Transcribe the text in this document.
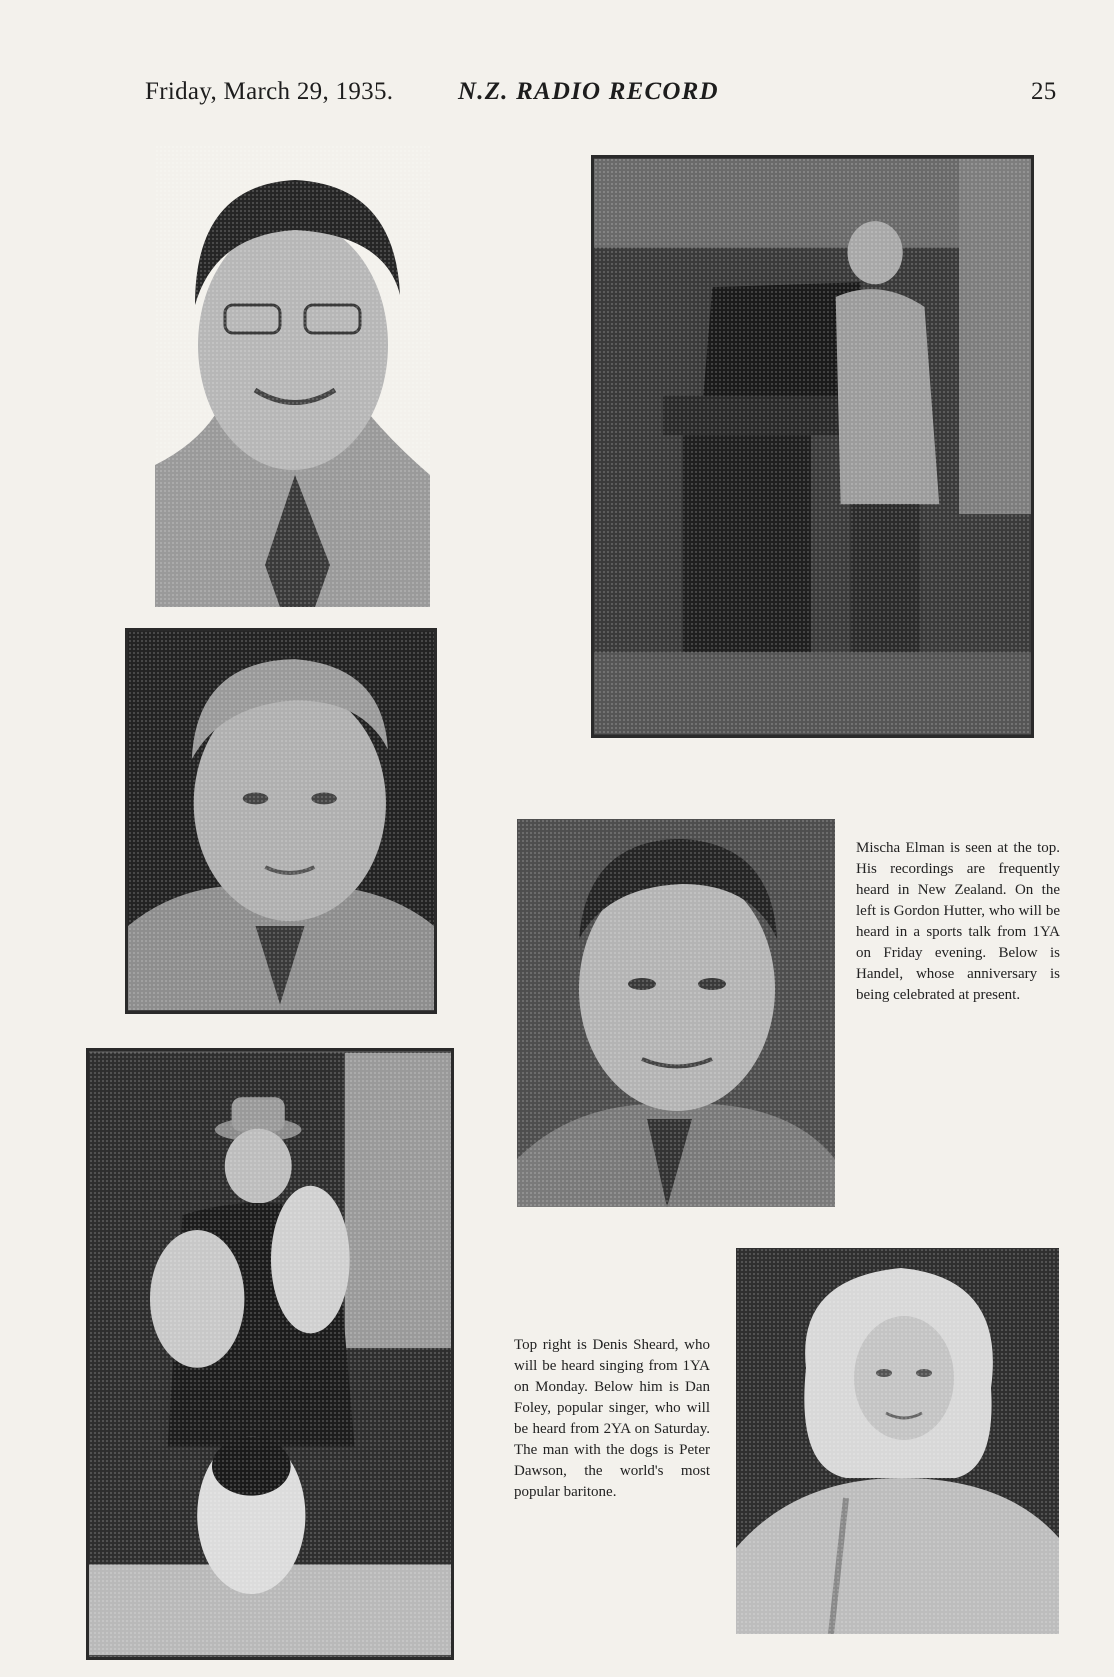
Friday, March 29, 1935.	N.Z. RADIO RECORD	25

Mischa Elman is seen at the top. His recordings are frequently heard in New Zealand. On the left is Gordon Hutter, who will be heard in a sports talk from 1YA on Friday evening. Below is Handel, whose anniversary is being celebrated at present.

Top right is Denis Sheard, who will be heard singing from 1YA on Monday. Below him is Dan Foley, popular singer, who will be heard from 2YA on Saturday. The man with the dogs is Peter Dawson, the world's most popular baritone.
